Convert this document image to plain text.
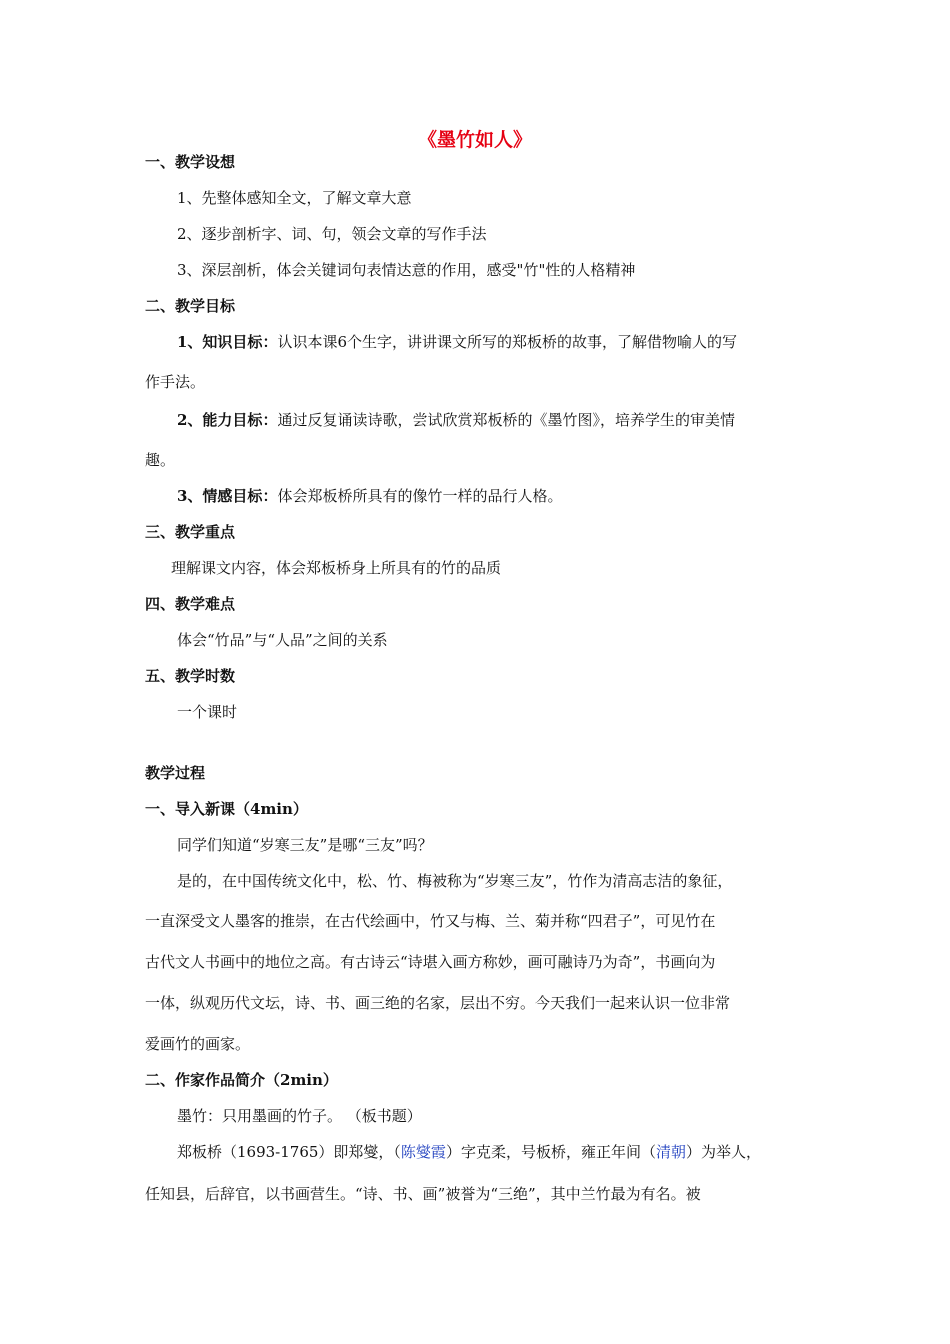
《墨竹如人》
一、教学设想
1、先整体感知全文，了解文章大意
2、逐步剖析字、词、句，领会文章的写作手法
3、深层剖析，体会关键词句表情达意的作用，感受"竹"性的人格精神
二、教学目标
1、知识目标：认识本课6个生字，讲讲课文所写的郑板桥的故事，了解借物喻人的写
作手法。
2、能力目标：通过反复诵读诗歌，尝试欣赏郑板桥的《墨竹图》，培养学生的审美情
趣。
3、情感目标：体会郑板桥所具有的像竹一样的品行人格。
三、教学重点
理解课文内容，体会郑板桥身上所具有的竹的品质
四、教学难点
体会“竹品”与“人品”之间的关系
五、教学时数
一个课时
教学过程
一、导入新课（4min）
同学们知道“岁寒三友”是哪“三友”吗？
是的，在中国传统文化中，松、竹、梅被称为“岁寒三友”，竹作为清高志洁的象征，
一直深受文人墨客的推崇，在古代绘画中，竹又与梅、兰、菊并称“四君子”，可见竹在
古代文人书画中的地位之高。有古诗云“诗堪入画方称妙，画可融诗乃为奇”，书画向为
一体，纵观历代文坛，诗、书、画三绝的名家，层出不穷。今天我们一起来认识一位非常
爱画竹的画家。
二、作家作品简介（2min）
墨竹：只用墨画的竹子。 （板书题）
郑板桥（1693-1765）即郑燮，（陈燮霞）字克柔，号板桥，雍正年间（清朝）为举人，
任知县，后辞官，以书画营生。“诗、书、画”被誉为“三绝”，其中兰竹最为有名。被
